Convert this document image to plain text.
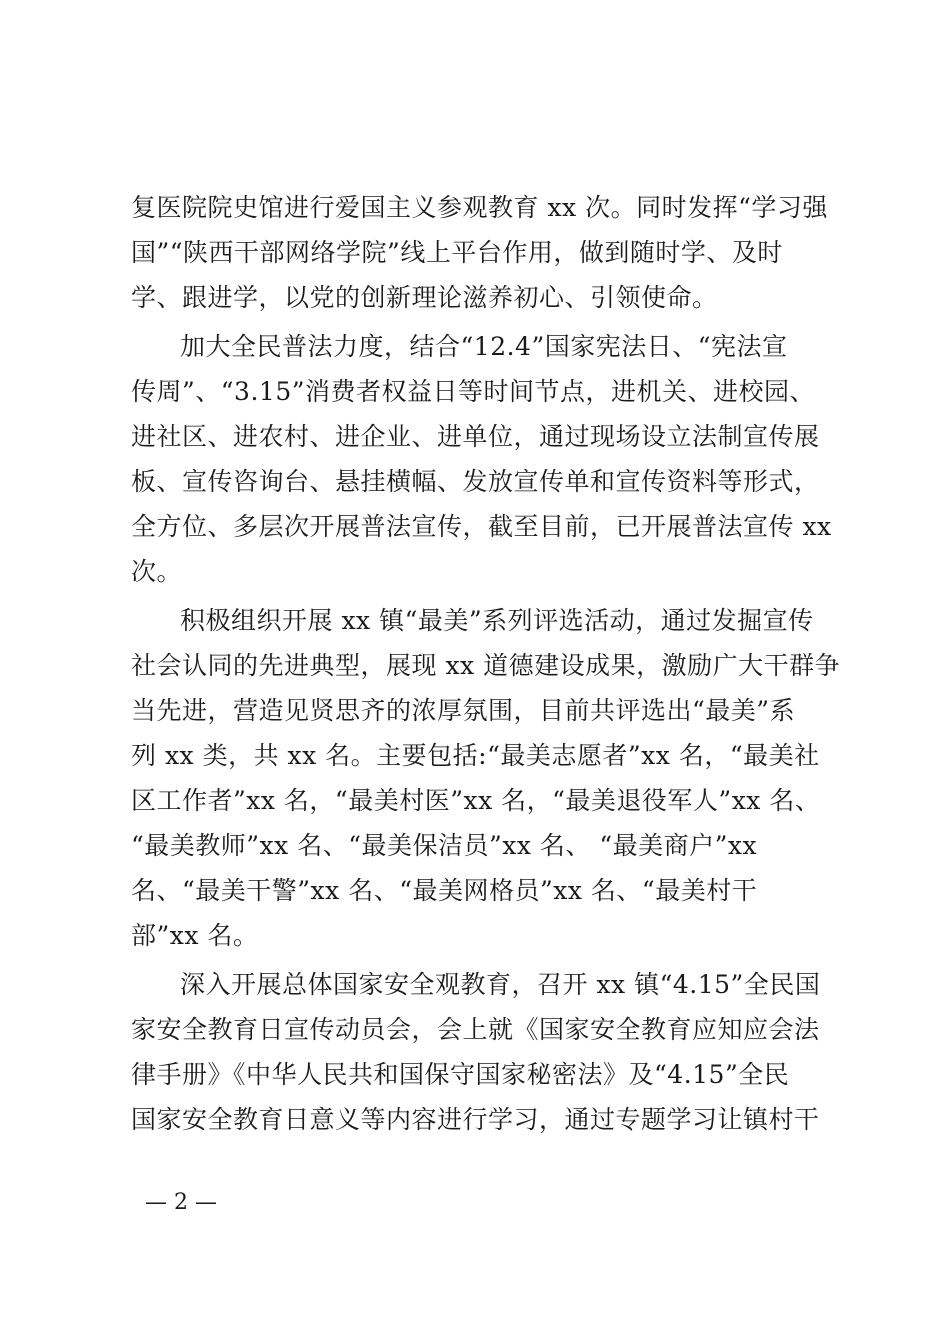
复医院院史馆进行爱国主义参观教育 xx 次。同时发挥“学习强
国”“陕西干部网络学院”线上平台作用，做到随时学、及时
学、跟进学，以党的创新理论滋养初心、引领使命。
加大全民普法力度，结合“12.4”国家宪法日、“宪法宣
传周”、“3.15”消费者权益日等时间节点，进机关、进校园、
进社区、进农村、进企业、进单位，通过现场设立法制宣传展
板、宣传咨询台、悬挂横幅、发放宣传单和宣传资料等形式，
全方位、多层次开展普法宣传，截至目前，已开展普法宣传 xx
次。
积极组织开展 xx 镇“最美”系列评选活动，通过发掘宣传
社会认同的先进典型，展现 xx 道德建设成果，激励广大干群争
当先进，营造见贤思齐的浓厚氛围，目前共评选出“最美”系
列 xx 类，共 xx 名。主要包括:“最美志愿者”xx 名，“最美社
区工作者”xx 名，“最美村医”xx 名，“最美退役军人”xx 名、
“最美教师”xx 名、“最美保洁员”xx 名、 “最美商户”xx
名、“最美干警”xx 名、“最美网格员”xx 名、“最美村干
部”xx 名。
深入开展总体国家安全观教育，召开 xx 镇“4.15”全民国
家安全教育日宣传动员会，会上就《国家安全教育应知应会法
律手册》《中华人民共和国保守国家秘密法》及“4.15”全民
国家安全教育日意义等内容进行学习，通过专题学习让镇村干
— 2 —
